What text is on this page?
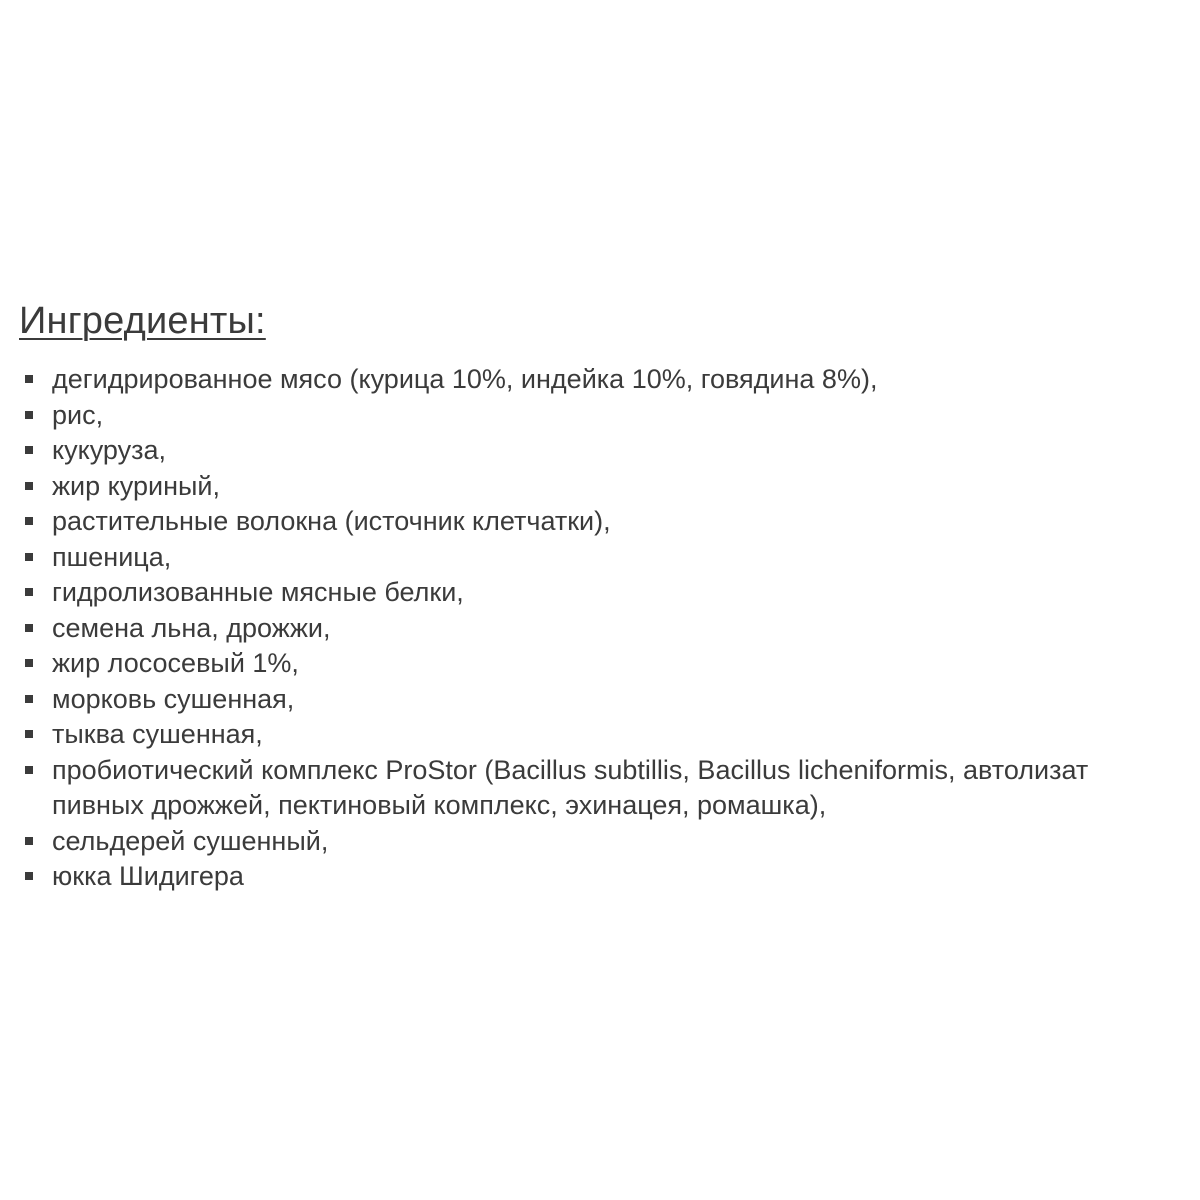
Ингредиенты:
дегидрированное мясо (курица 10%, индейка 10%, говядина 8%),
рис,
кукуруза,
жир куриный,
растительные волокна (источник клетчатки),
пшеница,
гидролизованные мясные белки,
семена льна, дрожжи,
жир лососевый 1%,
морковь сушенная,
тыква сушенная,
пробиотический комплекс ProStor (Bacillus subtillis, Bacillus licheniformis, автолизат
пивных дрожжей, пектиновый комплекс, эхинацея, ромашка),
сельдерей сушенный,
юкка Шидигера
